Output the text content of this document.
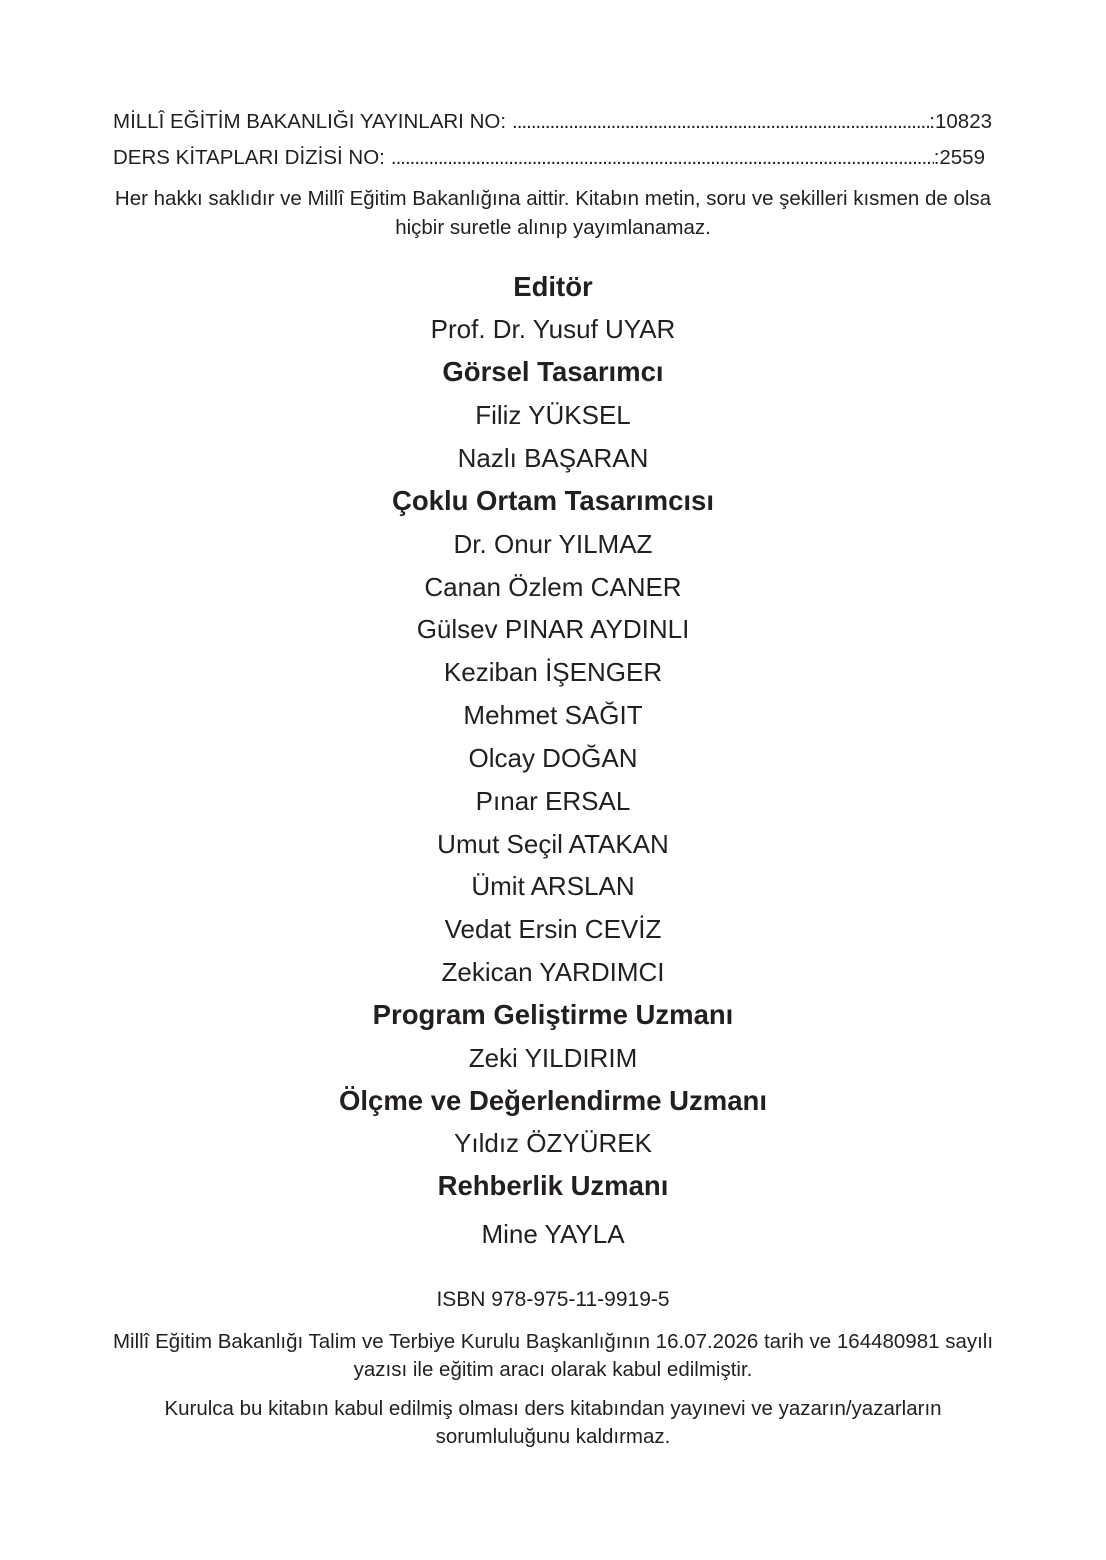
MİLLÎ EĞİTİM BAKANLIĞI YAYINLARI NO: .....	:10823
DERS KİTAPLARI DİZİSİ NO: .....	:2559
Her hakkı saklıdır ve Millî Eğitim Bakanlığına aittir. Kitabın metin, soru ve şekilleri kısmen de olsa
hiçbir suretle alınıp yayımlanamaz.
Editör
Prof. Dr. Yusuf UYAR
Görsel Tasarımcı
Filiz YÜKSEL
Nazlı BAŞARAN
Çoklu Ortam Tasarımcısı
Dr. Onur YILMAZ
Canan Özlem CANER
Gülsev PINAR AYDINLI
Keziban İŞENGER
Mehmet SAĞIT
Olcay DOĞAN
Pınar ERSAL
Umut Seçil ATAKAN
Ümit ARSLAN
Vedat Ersin CEVİZ
Zekican YARDIMCI
Program Geliştirme Uzmanı
Zeki YILDIRIM
Ölçme ve Değerlendirme Uzmanı
Yıldız ÖZYÜREK
Rehberlik Uzmanı
Mine YAYLA
ISBN 978-975-11-9919-5
Millî Eğitim Bakanlığı Talim ve Terbiye Kurulu Başkanlığının 16.07.2026 tarih ve 164480981 sayılı
yazısı ile eğitim aracı olarak kabul edilmiştir.
Kurulca bu kitabın kabul edilmiş olması ders kitabından yayınevi ve yazarın/yazarların
sorumluluğunu kaldırmaz.
